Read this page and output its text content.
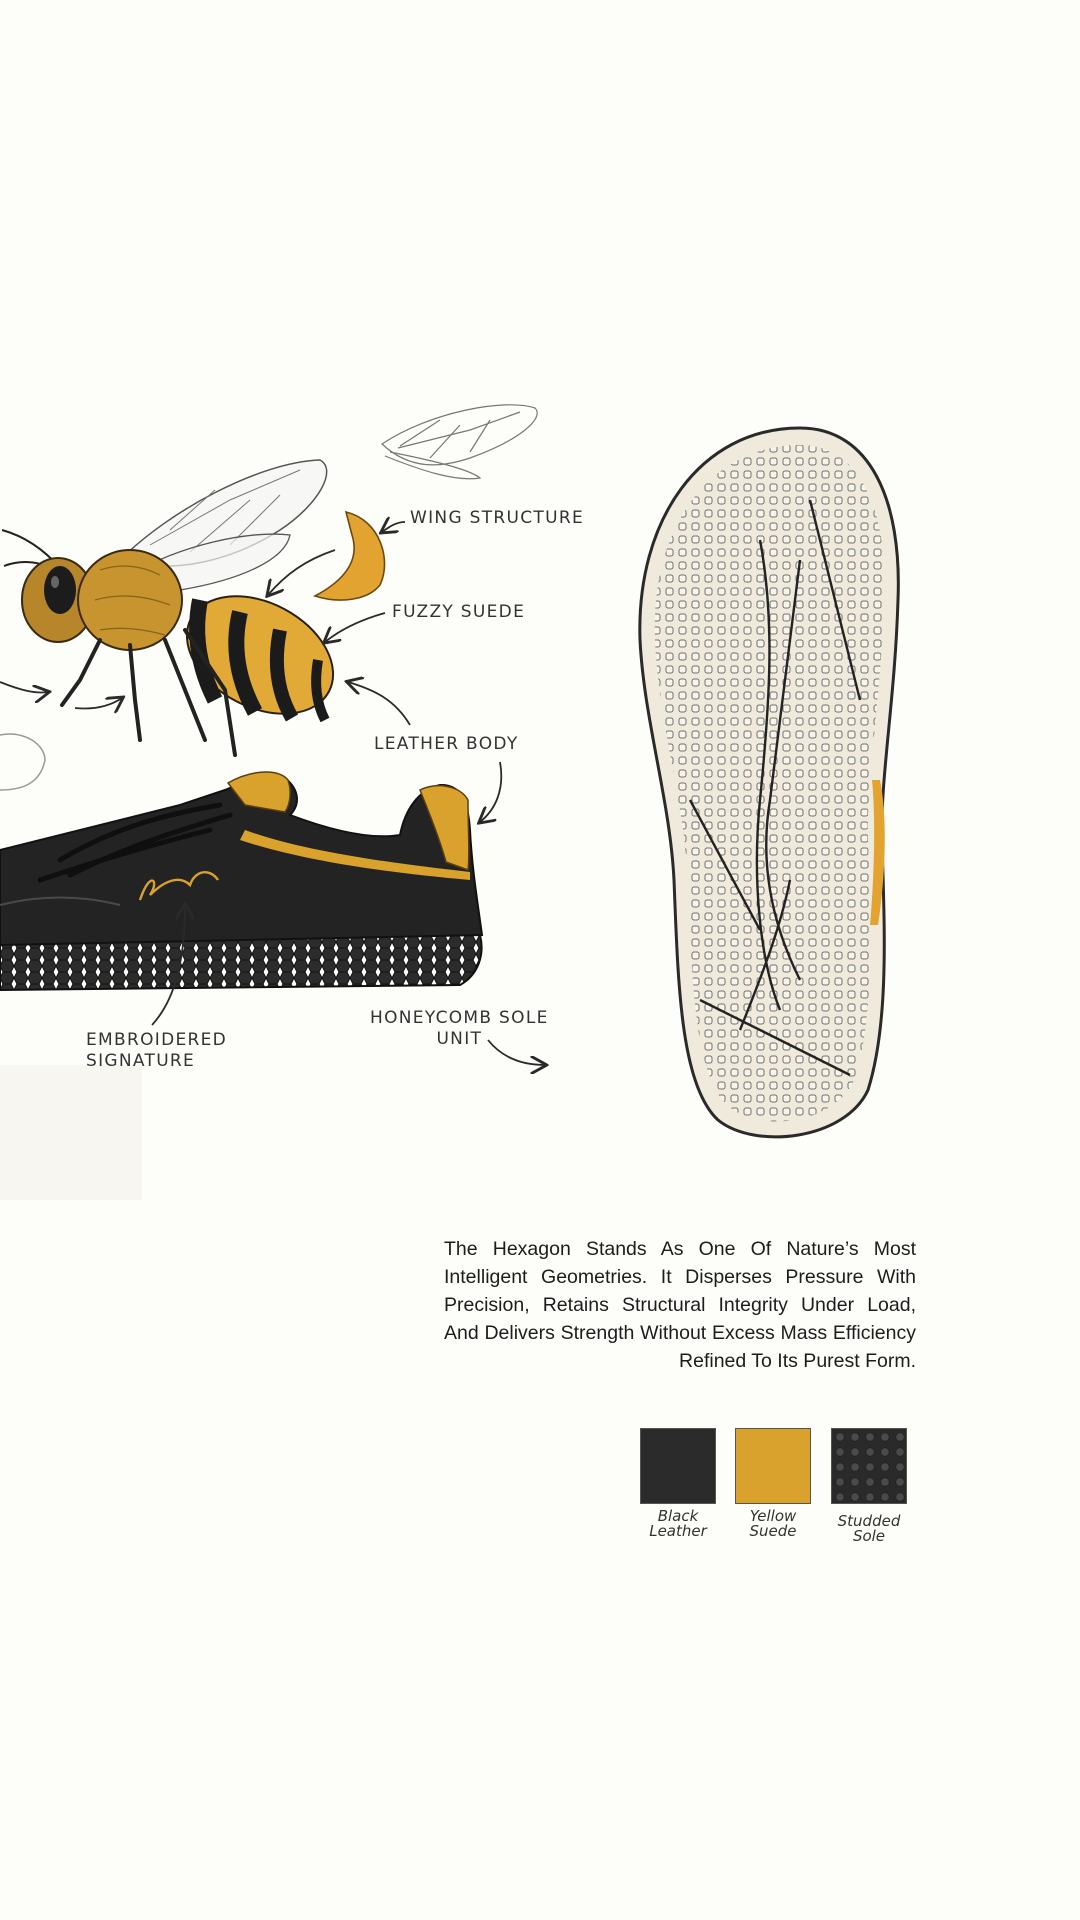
WING STRUCTURE
FUZZY SUEDE
LEATHER BODY
EMBROIDERED
SIGNATURE
HONEYCOMB SOLE
UNIT

The Hexagon Stands As One Of Nature’s Most Intelligent Geometries. It Disperses Pressure With Precision, Retains Structural Integrity Under Load, And Delivers Strength Without Excess Mass Efficiency Refined To Its Purest Form.

Black
Leather
Yellow
Suede
Studded
Sole
